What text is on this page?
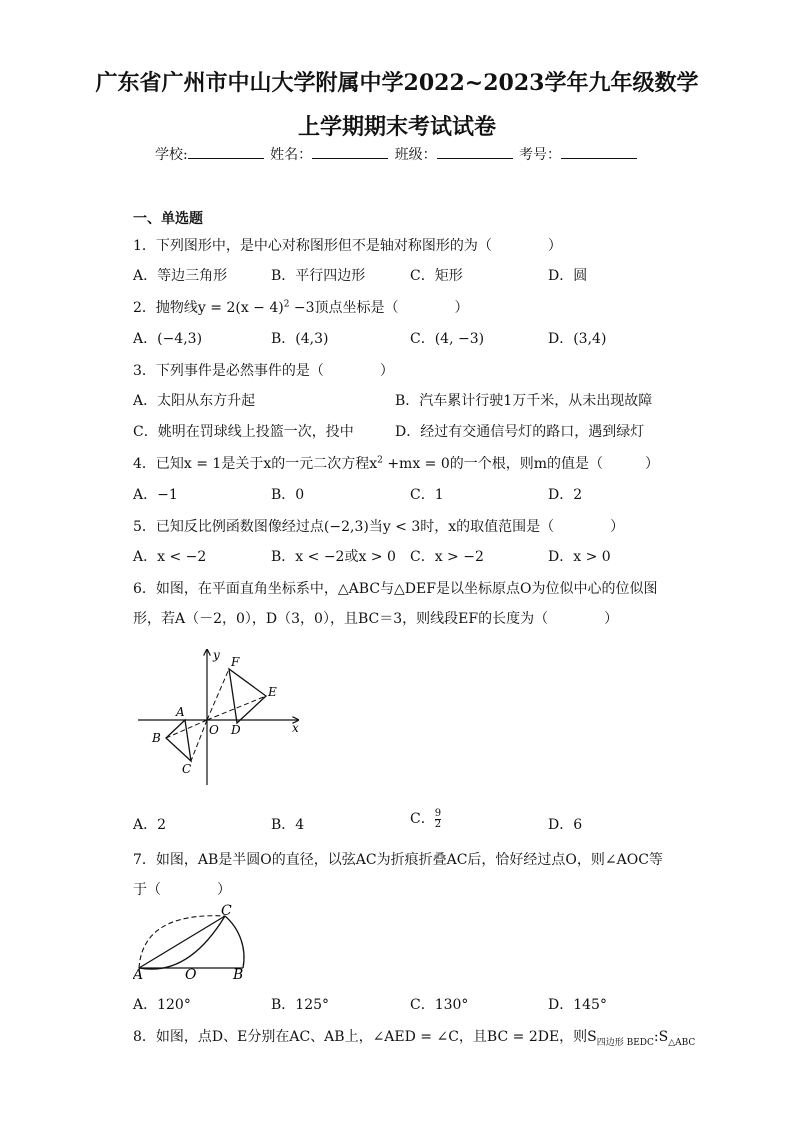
广东省广州市中山大学附属中学2022~2023学年九年级数学
上学期期末考试试卷
学校:	姓名：	班级：	考号：
一、单选题
1．下列图形中，是中心对称图形但不是轴对称图形的为（　　　　）
A．等边三角形	B．平行四边形	C．矩形	D．圆
2．抛物线$y = 2(x - 4)^2 -3$顶点坐标是（　　　　）
A．(−4,3)	B．(4,3)	C．(4, −3)	D．(3,4)
3．下列事件是必然事件的是（　　　　）
A．太阳从东方升起	B．汽车累计行驶1万千米，从未出现故障
C．姚明在罚球线上投篮一次，投中	D．经过有交通信号灯的路口，遇到绿灯
4．已知x = 1是关于x的一元二次方程$x^2 +mx = 0$的一个根，则m的值是（　　　）
A．−1	B．0	C．1	D．2
5．已知反比例函数图像经过点(−2,3)当y < 3时，x的取值范围是（　　　　）
A．x < −2	B．x < −2或x > 0 C．x > −2	D．x > 0
6．如图，在平面直角坐标系中，△ABC与△DEF是以坐标原点O为位似中心的位似图
形，若A（－2，0），D（3，0），且BC＝3，则线段EF的长度为（　　　　）
y
x
F
E
A
O D
B
C
A．2	B．4	C． $\frac{9}{2}$	D．6
7．如图，AB是半圆O的直径，以弦AC为折痕折叠AC后，恰好经过点O，则∠AOC等
于（　　　　）
C
A	O	B
A．120°	B．125°	C．130°	D．145°
8．如图，点D、E分别在AC、AB上，∠AED = ∠C，且BC = 2DE，则$S_{四边形 BEDC}:S_{\triangle ABC}$
